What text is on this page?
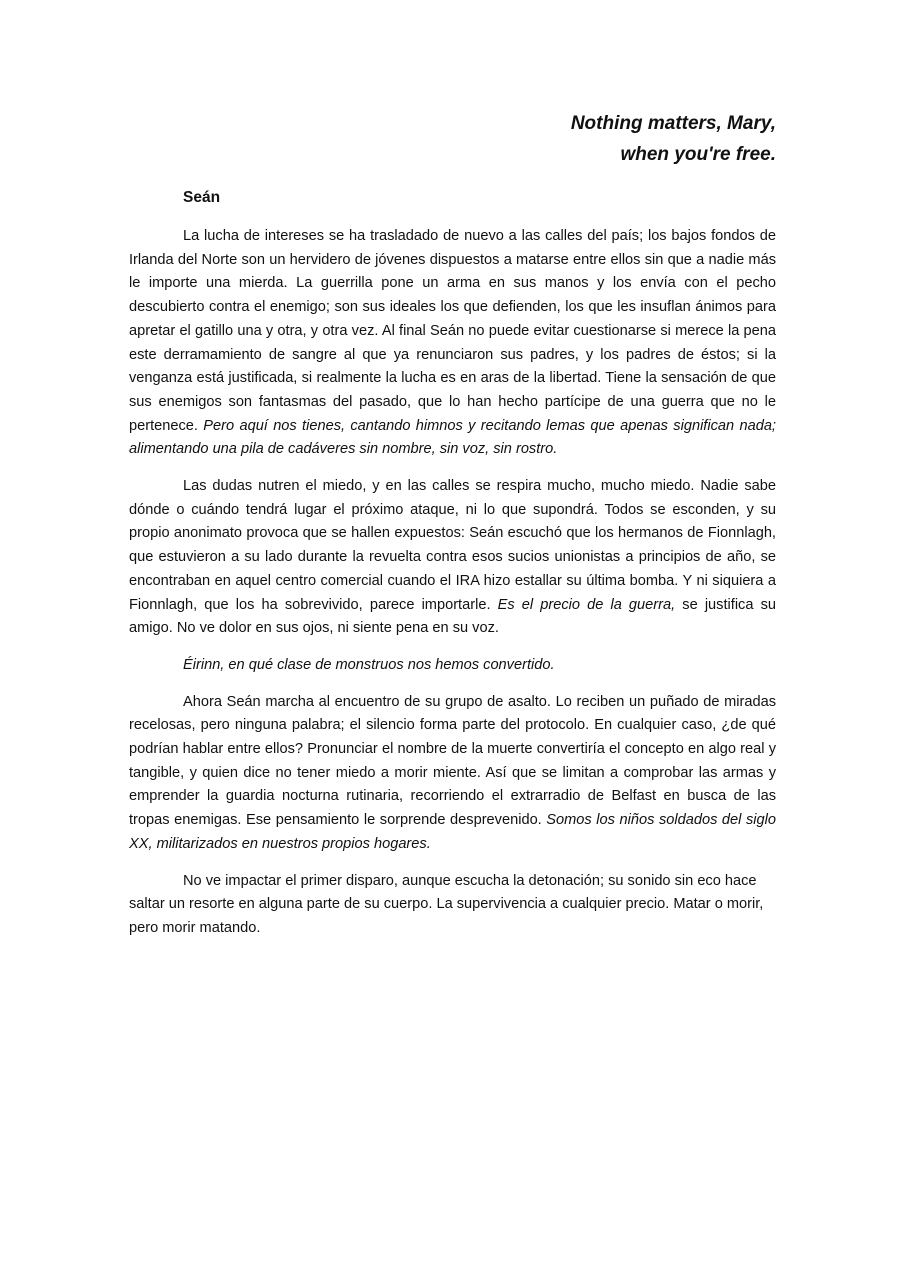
Nothing matters, Mary,
when you're free.
Seán

La lucha de intereses se ha trasladado de nuevo a las calles del país; los bajos fondos de Irlanda del Norte son un hervidero de jóvenes dispuestos a matarse entre ellos sin que a nadie más le importe una mierda. La guerrilla pone un arma en sus manos y los envía con el pecho descubierto contra el enemigo; son sus ideales los que defienden, los que les insuflan ánimos para apretar el gatillo una y otra, y otra vez. Al final Seán no puede evitar cuestionarse si merece la pena este derramamiento de sangre al que ya renunciaron sus padres, y los padres de éstos; si la venganza está justificada, si realmente la lucha es en aras de la libertad. Tiene la sensación de que sus enemigos son fantasmas del pasado, que lo han hecho partícipe de una guerra que no le pertenece. Pero aquí nos tienes, cantando himnos y recitando lemas que apenas significan nada; alimentando una pila de cadáveres sin nombre, sin voz, sin rostro.

Las dudas nutren el miedo, y en las calles se respira mucho, mucho miedo. Nadie sabe dónde o cuándo tendrá lugar el próximo ataque, ni lo que supondrá. Todos se esconden, y su propio anonimato provoca que se hallen expuestos: Seán escuchó que los hermanos de Fionnlagh, que estuvieron a su lado durante la revuelta contra esos sucios unionistas a principios de año, se encontraban en aquel centro comercial cuando el IRA hizo estallar su última bomba. Y ni siquiera a Fionnlagh, que los ha sobrevivido, parece importarle. Es el precio de la guerra, se justifica su amigo. No ve dolor en sus ojos, ni siente pena en su voz.

Éirinn, en qué clase de monstruos nos hemos convertido.

Ahora Seán marcha al encuentro de su grupo de asalto. Lo reciben un puñado de miradas recelosas, pero ninguna palabra; el silencio forma parte del protocolo. En cualquier caso, ¿de qué podrían hablar entre ellos? Pronunciar el nombre de la muerte convertiría el concepto en algo real y tangible, y quien dice no tener miedo a morir miente. Así que se limitan a comprobar las armas y emprender la guardia nocturna rutinaria, recorriendo el extrarradio de Belfast en busca de las tropas enemigas. Ese pensamiento le sorprende desprevenido. Somos los niños soldados del siglo XX, militarizados en nuestros propios hogares.

No ve impactar el primer disparo, aunque escucha la detonación; su sonido sin eco hace saltar un resorte en alguna parte de su cuerpo. La supervivencia a cualquier precio. Matar o morir, pero morir matando.
